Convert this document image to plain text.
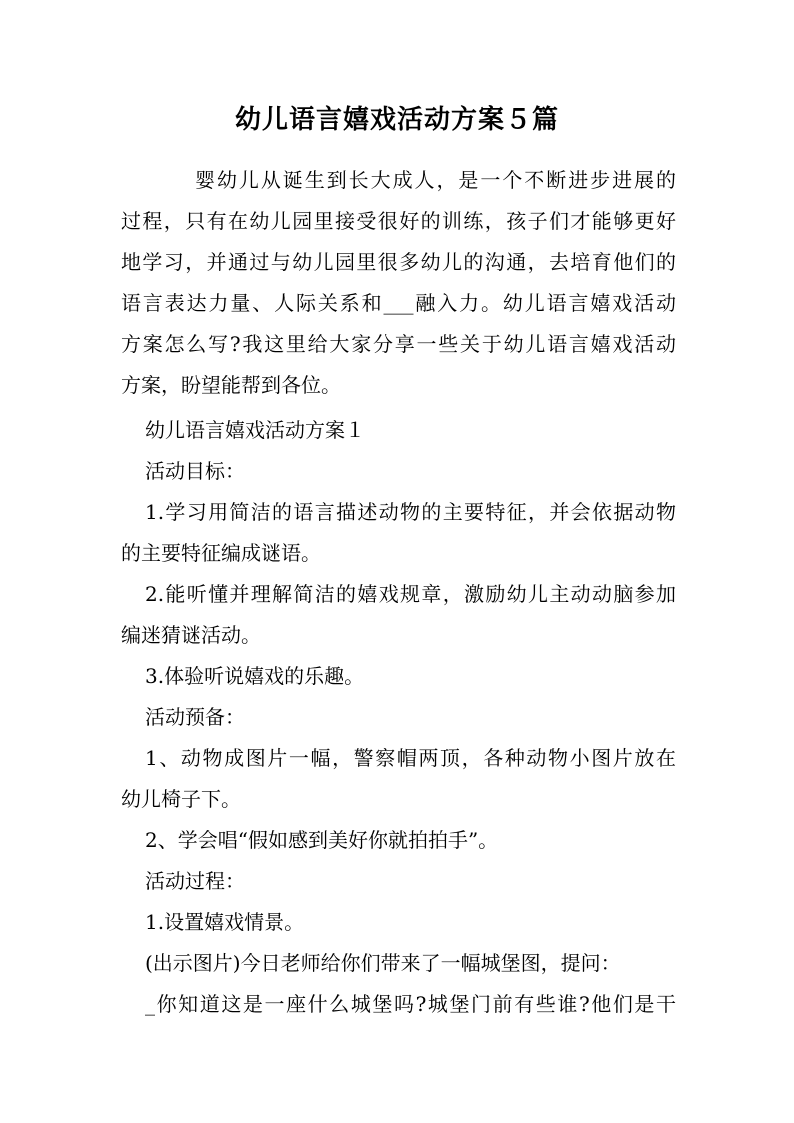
幼儿语言嬉戏活动方案５篇
婴幼儿从诞生到长大成人，是一个不断进步进展的
过程，只有在幼儿园里接受很好的训练，孩子们才能够更好
地学习，并通过与幼儿园里很多幼儿的沟通，去培育他们的
语言表达力量、人际关系和___融入力。幼儿语言嬉戏活动
方案怎么写?我这里给大家分享一些关于幼儿语言嬉戏活动
方案，盼望能帮到各位。
幼儿语言嬉戏活动方案１
活动目标：
1.学习用简洁的语言描述动物的主要特征，并会依据动物
的主要特征编成谜语。
2.能听懂并理解简洁的嬉戏规章，激励幼儿主动动脑参加
编迷猜谜活动。
3.体验听说嬉戏的乐趣。
活动预备：
1、动物成图片一幅，警察帽两顶，各种动物小图片放在
幼儿椅子下。
2、学会唱“假如感到美好你就拍拍手”。
活动过程：
1.设置嬉戏情景。
(出示图片)今日老师给你们带来了一幅城堡图，提问：
_你知道这是一座什么城堡吗?城堡门前有些谁?他们是干
